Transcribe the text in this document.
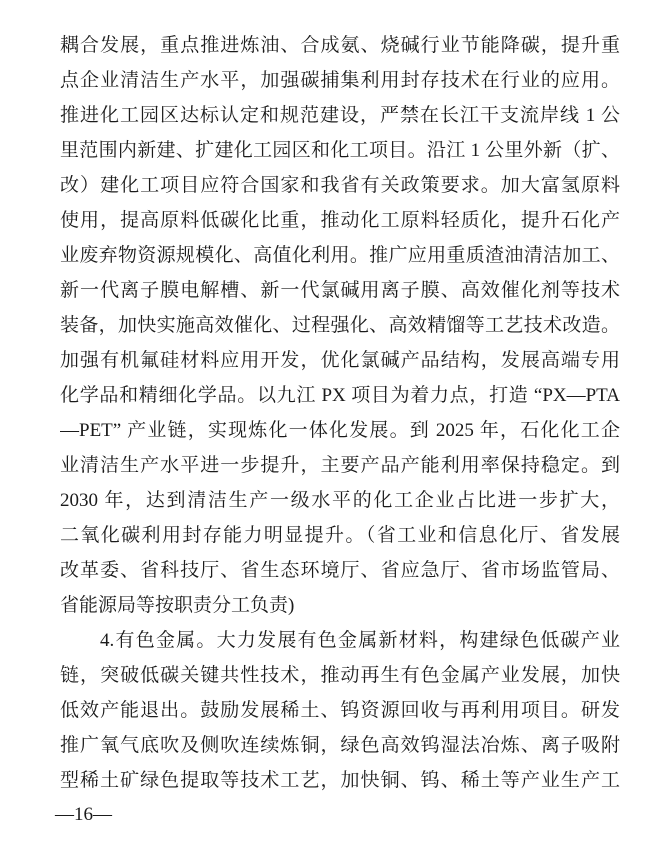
耦合发展，重点推进炼油、合成氨、烧碱行业节能降碳，提升重
点企业清洁生产水平，加强碳捕集利用封存技术在行业的应用。
推进化工园区达标认定和规范建设，严禁在长江干支流岸线 1 公
里范围内新建、扩建化工园区和化工项目。沿江 1 公里外新（扩、
改）建化工项目应符合国家和我省有关政策要求。加大富氢原料
使用，提高原料低碳化比重，推动化工原料轻质化，提升石化产
业废弃物资源规模化、高值化利用。推广应用重质渣油清洁加工、
新一代离子膜电解槽、新一代氯碱用离子膜、高效催化剂等技术
装备，加快实施高效催化、过程强化、高效精馏等工艺技术改造。
加强有机氟硅材料应用开发，优化氯碱产品结构，发展高端专用
化学品和精细化学品。以九江 PX 项目为着力点，打造 “PX—PTA
—PET” 产业链，实现炼化一体化发展。到 2025 年，石化化工企
业清洁生产水平进一步提升，主要产品产能利用率保持稳定。到
2030 年，达到清洁生产一级水平的化工企业占比进一步扩大，
二氧化碳利用封存能力明显提升。（省工业和信息化厅、省发展
改革委、省科技厅、省生态环境厅、省应急厅、省市场监管局、
省能源局等按职责分工负责)
4.有色金属。大力发展有色金属新材料，构建绿色低碳产业
链，突破低碳关键共性技术，推动再生有色金属产业发展，加快
低效产能退出。鼓励发展稀土、钨资源回收与再利用项目。研发
推广氧气底吹及侧吹连续炼铜，绿色高效钨湿法冶炼、离子吸附
型稀土矿绿色提取等技术工艺，加快铜、钨、稀土等产业生产工
—16—
